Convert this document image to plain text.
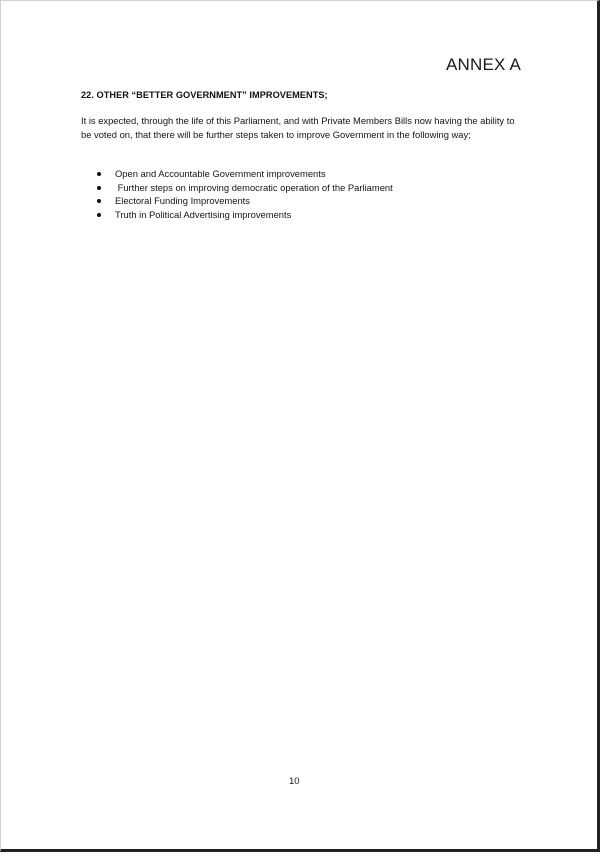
ANNEX A
22. OTHER “BETTER GOVERNMENT” IMPROVEMENTS;
It is expected, through the life of this Parliament, and with Private Members Bills now having the ability to be voted on, that there will be further steps taken to improve Government in the following way;
Open and Accountable Government improvements
Further steps on improving democratic operation of the Parliament
Electoral Funding Improvements
Truth in Political Advertising improvements
10
